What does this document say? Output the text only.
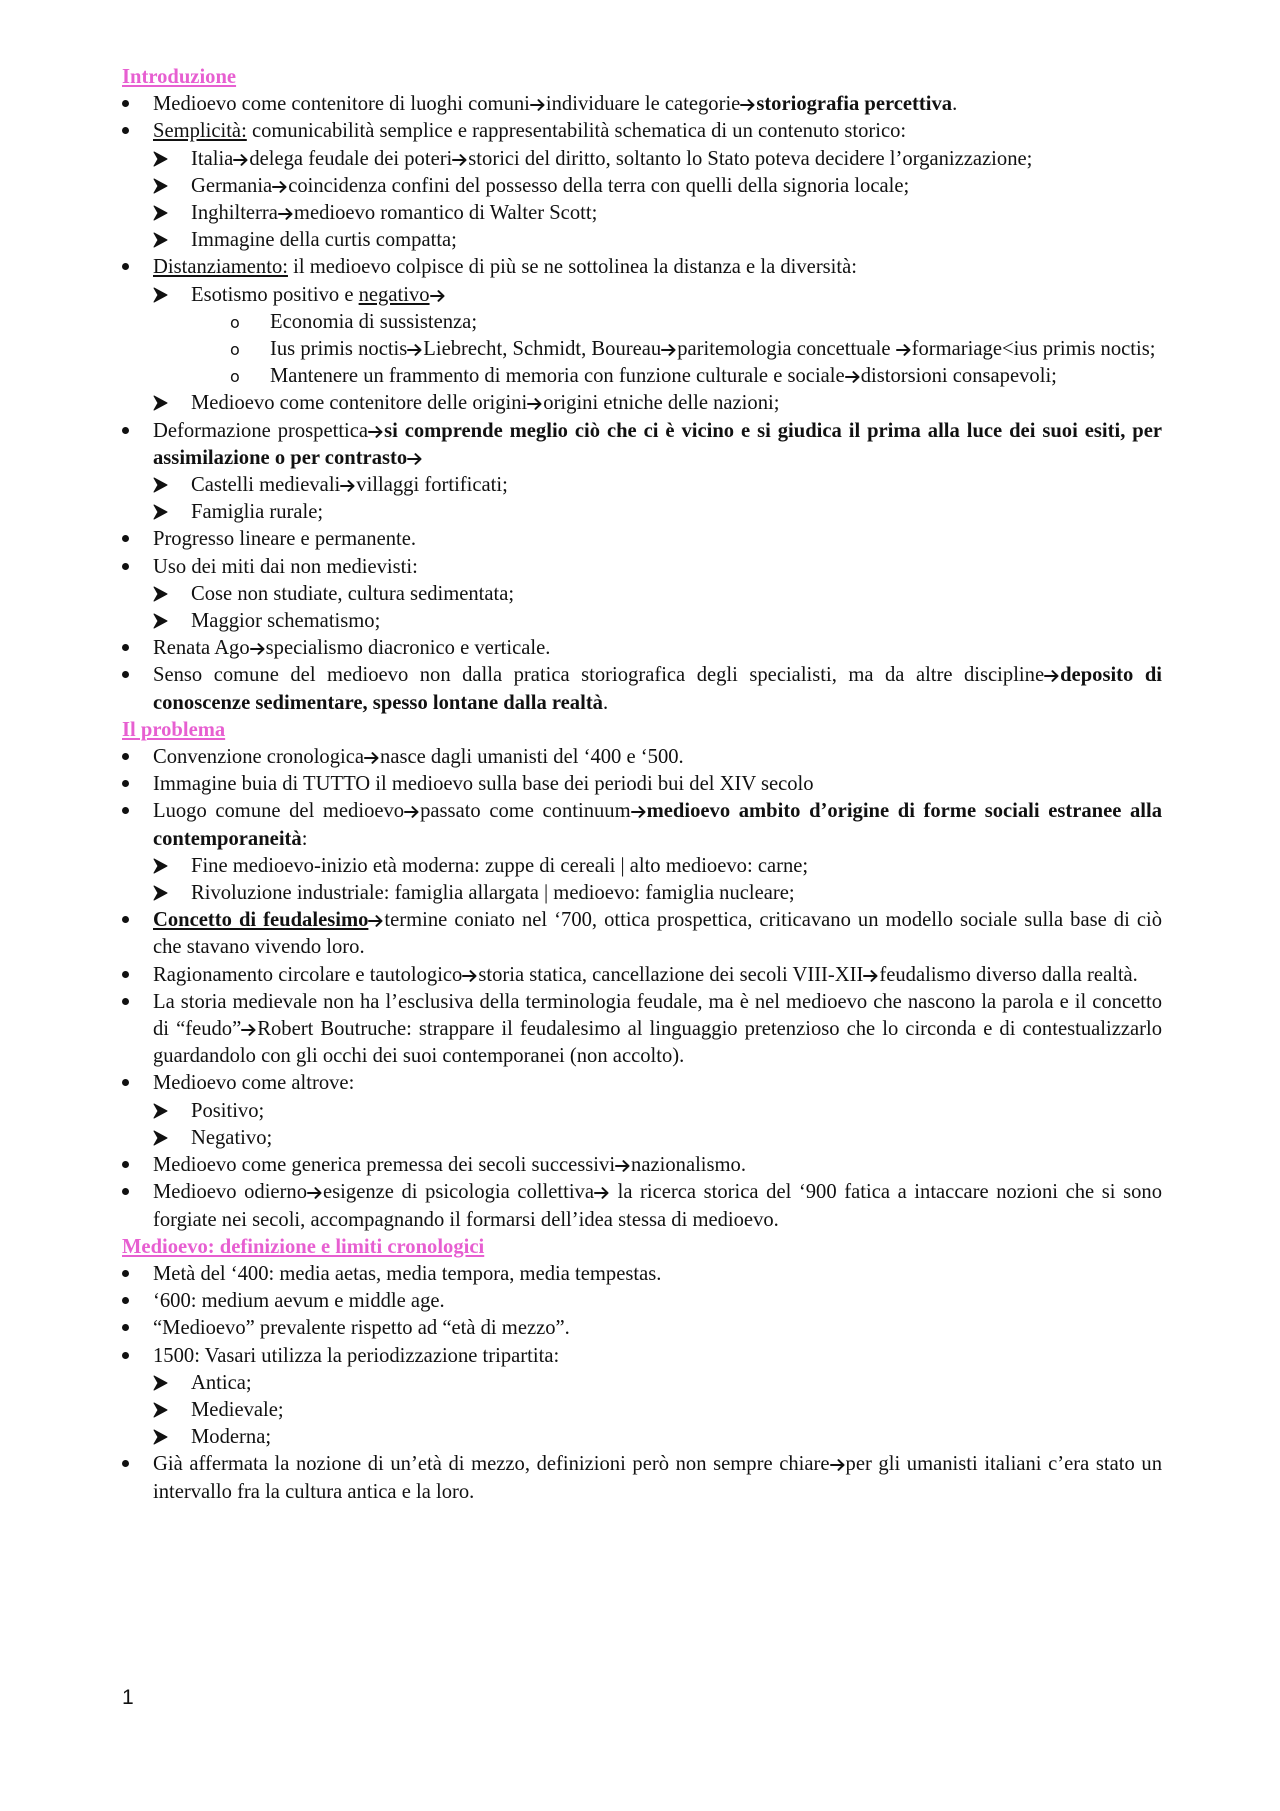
Introduzione
Medioevo come contenitore di luoghi comuni individuare le categorie storiografia percettiva.
Semplicità: comunicabilità semplice e rappresentabilità schematica di un contenuto storico:
Italia delega feudale dei poteri storici del diritto, soltanto lo Stato poteva decidere l’organizzazione;
Germania coincidenza confini del possesso della terra con quelli della signoria locale;
Inghilterra medioevo romantico di Walter Scott;
Immagine della curtis compatta;
Distanziamento: il medioevo colpisce di più se ne sottolinea la distanza e la diversità:
Esotismo positivo e negativo
o Economia di sussistenza;
o Ius primis noctis Liebrecht, Schmidt, Boureau paritemologia concettuale formariage<ius primis noctis;
o Mantenere un frammento di memoria con funzione culturale e sociale distorsioni consapevoli;
Medioevo come contenitore delle origini origini etniche delle nazioni;
Deformazione prospettica si comprende meglio ciò che ci è vicino e si giudica il prima alla luce dei suoi esiti, per assimilazione o per contrasto
Castelli medievali villaggi fortificati;
Famiglia rurale;
Progresso lineare e permanente.
Uso dei miti dai non medievisti:
Cose non studiate, cultura sedimentata;
Maggior schematismo;
Renata Ago specialismo diacronico e verticale.
Senso comune del medioevo non dalla pratica storiografica degli specialisti, ma da altre discipline deposito di conoscenze sedimentare, spesso lontane dalla realtà.
Il problema
Convenzione cronologica nasce dagli umanisti del ‘400 e ‘500.
Immagine buia di TUTTO il medioevo sulla base dei periodi bui del XIV secolo
Luogo comune del medioevo passato come continuum medioevo ambito d’origine di forme sociali estranee alla contemporaneità:
Fine medioevo-inizio età moderna: zuppe di cereali | alto medioevo: carne;
Rivoluzione industriale: famiglia allargata | medioevo: famiglia nucleare;
Concetto di feudalesimo termine coniato nel ‘700, ottica prospettica, criticavano un modello sociale sulla base di ciò che stavano vivendo loro.
Ragionamento circolare e tautologico storia statica, cancellazione dei secoli VIII-XII feudalismo diverso dalla realtà.
La storia medievale non ha l’esclusiva della terminologia feudale, ma è nel medioevo che nascono la parola e il concetto di “feudo” Robert Boutruche: strappare il feudalesimo al linguaggio pretenzioso che lo circonda e di contestualizzarlo guardandolo con gli occhi dei suoi contemporanei (non accolto).
Medioevo come altrove:
Positivo;
Negativo;
Medioevo come generica premessa dei secoli successivi nazionalismo.
Medioevo odierno esigenze di psicologia collettiva la ricerca storica del ‘900 fatica a intaccare nozioni che si sono forgiate nei secoli, accompagnando il formarsi dell’idea stessa di medioevo.
Medioevo: definizione e limiti cronologici
Metà del ‘400: media aetas, media tempora, media tempestas.
‘600: medium aevum e middle age.
“Medioevo” prevalente rispetto ad “età di mezzo”.
1500: Vasari utilizza la periodizzazione tripartita:
Antica;
Medievale;
Moderna;
Già affermata la nozione di un’età di mezzo, definizioni però non sempre chiare per gli umanisti italiani c’era stato un intervallo fra la cultura antica e la loro.
1
